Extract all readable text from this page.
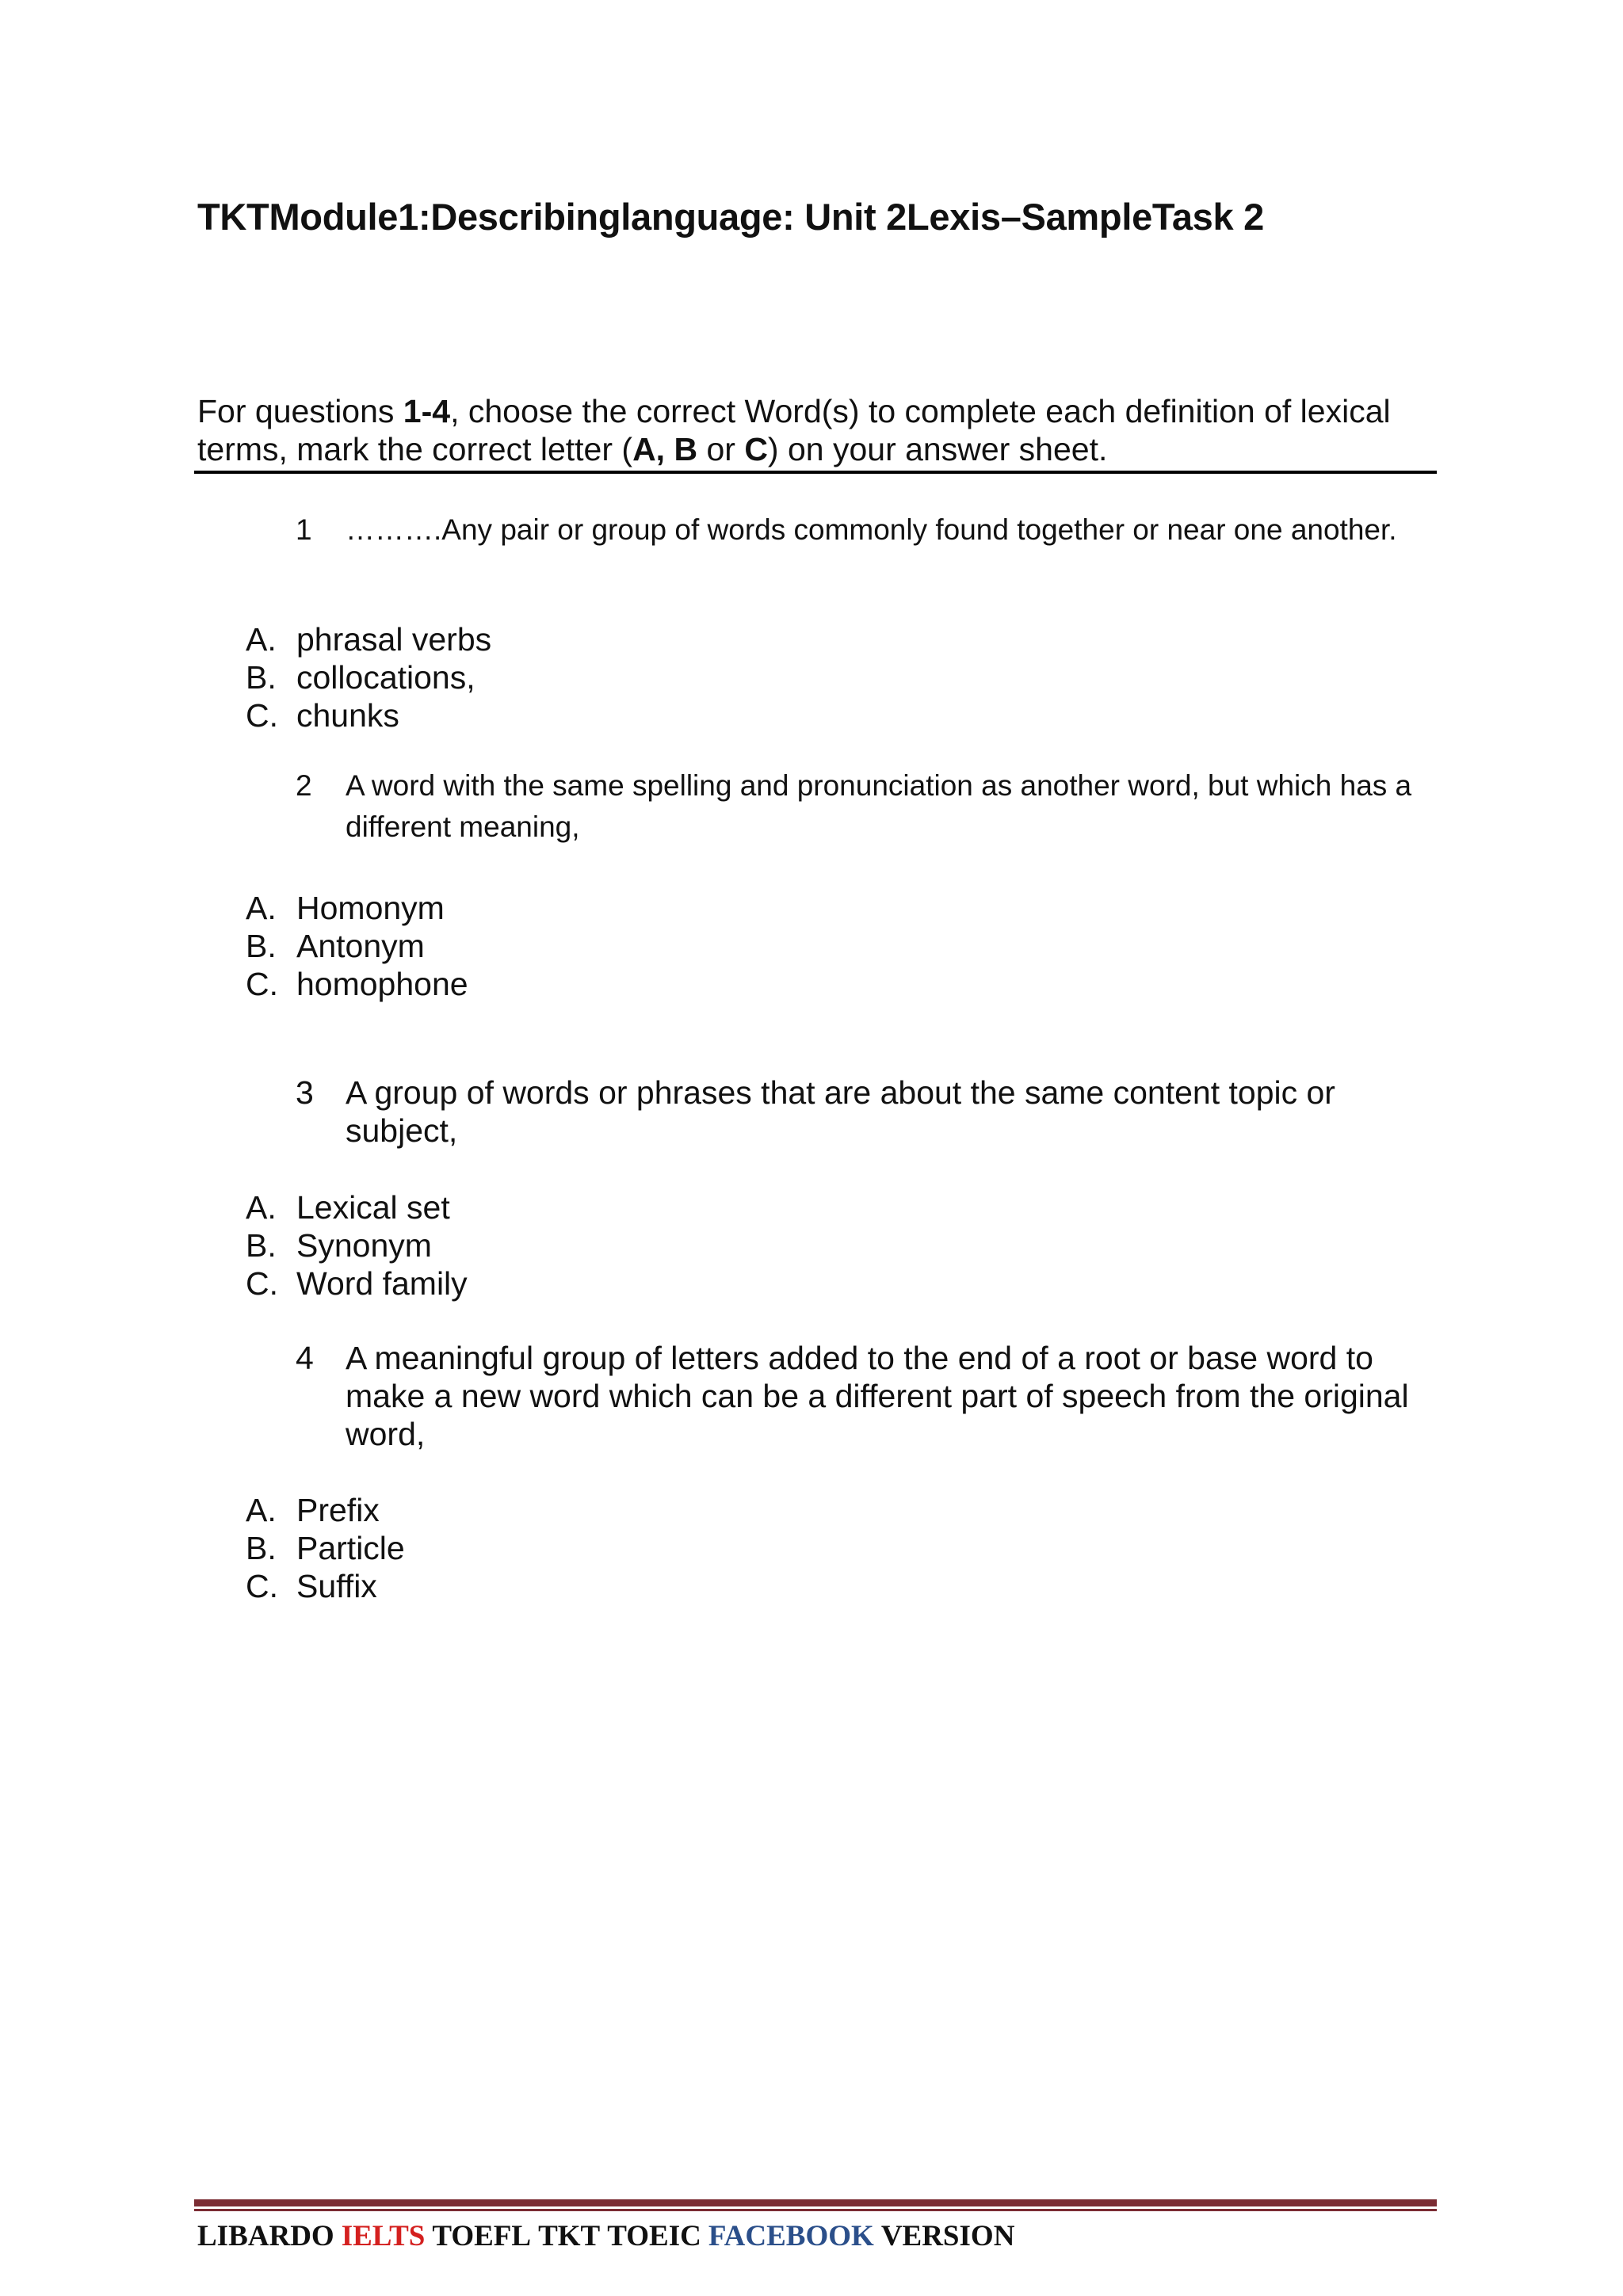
TKTModule1:Describinglanguage: Unit 2Lexis–SampleTask 2
For questions 1-4, choose the correct Word(s) to complete each definition of lexical terms, mark the correct letter (A, B or C) on your answer sheet.
1 ……….Any pair or group of words commonly found together or near one another.
A. phrasal verbs
B. collocations,
C. chunks
2 A word with the same spelling and pronunciation as another word, but which has a different meaning,
A. Homonym
B. Antonym
C. homophone
3 A group of words or phrases that are about the same content topic or subject,
A. Lexical set
B. Synonym
C. Word family
4 A meaningful group of letters added to the end of a root or base word to make a new word which can be a different part of speech from the original word,
A. Prefix
B. Particle
C. Suffix
LIBARDO IELTS TOEFL TKT TOEIC FACEBOOK VERSION
